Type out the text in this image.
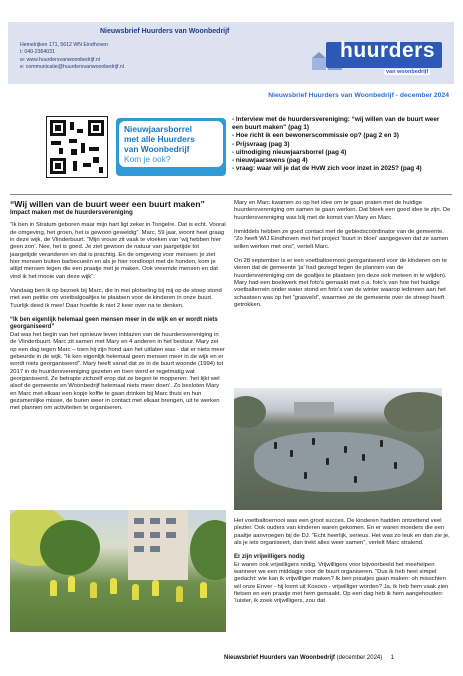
Nieuwsbrief Huurders van Woonbedrijf
Hemelrijken 171, 5612 WN Eindhoven
t: 040-2364031
w: www.huurdersvanwoonbedrijf.nl
e: communicatie@huurdersvanwoonbedrijf.nl
huurders
van woonbedrijf
Nieuwsbrief Huurders van Woonbedrijf - december 2024
Nieuwjaarsborrel
met alle Huurders
van Woonbedrijf
Kom je ook?
- Interview met de huurdersvereniging: “wij willen van de buurt weer een buurt maken” (pag 1)
- Hoe richt ik een bewonerscommissie op? (pag 2 en 3)
- Prijsvraag (pag 3)
- uitnodiging nieuwjaarsborrel (pag 4)
- nieuwjaarswens (pag 4)
- vraag: waar wil je dat de HvW zich voor inzet in 2025? (pag 4)
“Wij willen van de buurt weer een buurt maken”
Impact maken met de huurdersvereniging

“Ik ben in Stratum geboren maar mijn hart ligt zeker in Tongelre. Dat is echt. Vooral de omgeving, het groen, het is gewoon geweldig”. Marc, 59 jaar, woont heel graag in deze wijk, de Vlinderbuurt. “Mijn vrouw zit vaak te vloeken van ‘wij hebben hier geen zon’. Nee, het is goed. Je ziet gewoon de natuur van jaargetijde tot jaargetijde veranderen en dat is prachtig. En de omgeving voor mensen: je ziet hier mensen buiten barbecueën en als je hier rondloopt met de honden, kom je altijd mensen tegen die een praatje met je maken. Ook vreemde mensen en dat vind ik het mooie van deze wijk”.

Vandaag ben ik op bezoek bij Marc, die in mei plotseling bij mij op de stoep stond met een petitie om voetbalgoaltjes te plaatsen voor de kinderen in onze buurt. Tuurlijk deed ik mee! Daar hoefde ik niet 2 keer over na te denken.

“Ik ben eigenlijk helemaal geen mensen meer in de wijk en er wordt niets georganiseerd”

Dat was het begin van het opnieuw leven inblazen van de huurdersvereniging in de Vlinderbuurt. Marc zit samen met Mary en 4 anderen in het bestuur. Mary zei op een dag tegen Marc – toen hij zijn hond aan het uitlaten was - dat er niets meer gebeurde in de wijk. “Ik ken eigenlijk helemaal geen mensen meer in de wijk en er wordt niets georganiseerd”. Mary heeft vanaf dat ze in de buurt woonde (1994) tot 2017 in de huurdersvereniging gezeten en toen werd er regelmatig wat georganiseerd. Ze betrapte zichzelf erop dat ze begon te mopperen: ‘het lijkt wel alsof de gemeente en Woonbedrijf helemaal niets meer doen’. Zo besloten Mary en Marc met elkaar een kopje koffie te gaan drinken bij Marc thuis en hun gezamenlijke missie, de buren weer in contact met elkaar brengen, uit te werken met plannen om activiteiten te organiseren.

Mary en Marc kwamen zo op het idee om te gaan praten met de huidige huurdersvereniging om samen te gaan werken. Dat bleek een goed idee te zijn. De huurdersvereniging was blij met de komst van Mary en Marc.

Inmiddels hebben ze goed contact met de gebiedscoördinator van de gemeente. “Zo heeft WIJ Eindhoven met het project ‘buurt in bloei’ aangegeven dat ze samen willen werken met ons”, vertelt Marc.

On 28 september is er een voetbaltoernooi georganiseerd voor de kinderen om te vieren dat de gemeente ‘ja’ had gezegd tegen de plannen van de huurdersvereniging om de goaltjes te plaatsen (en deze ook meteen in te wijden). Mary had een boekwerk met foto’s gemaakt met o.a. foto’s van hoe het huidige voetbalterrein onder water stond en foto’s van de winter waarop iedereen aan het schaatsen was op het “grasveld”, waarmee ze de gemeente over de streep heeft getrokken.

Het voetbaltoernooi was een groot succes. De kinderen hadden ontzettend veel plezier. Ook ouders van kinderen waren gekomen. En er waren moeders die een paaltje aanvroegen bij de DJ. “Echt heerlijk, serieus. Het was zo leuk en dan zie je, als je iets organiseert, dan trekt alles weer samen”, vertelt Marc stralend.

Er zijn vrijwilligers nodig

Er waren ook vrijwilligers nodig. Vrijwilligers voor bijvoorbeeld het meehelpen wanneer we een middagje voor de buurt organiseren. “Dus ik heb heel simpel gedacht: wie kan ik vrijwilliger maken? Ik ben praatjes gaan maken: oh misschien wil onze Enver - hij komt uit Kosovo - vrijwilliger worden? Ja, ik heb hem vaak zien fietsen en een praatje met hem gemaakt. Op een dag heb ik hem aangehouden: ‘luister, ik zoek vrijwilligers, zou dat

Nieuwsbrief Huurders van Woonbedrijf (december 2024) 1
